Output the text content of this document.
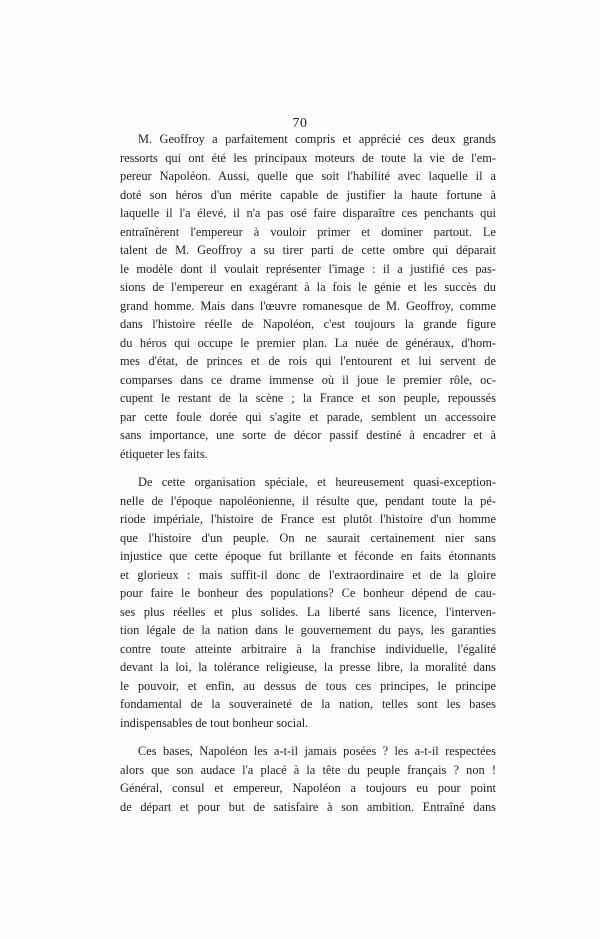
70
M. Geoffroy a parfaitement compris et apprécié ces deux grands
ressorts qui ont été les principaux moteurs de toute la vie de l'em-
pereur Napoléon. Aussi, quelle que soit l'habilité avec laquelle il a
doté son héros d'un mérite capable de justifier la haute fortune à
laquelle il l'a élevé, il n'a pas osé faire disparaître ces penchants qui
entraînèrent l'empereur à vouloir primer et dominer partout. Le
talent de M. Geoffroy a su tirer parti de cette ombre qui déparait
le modèle dont il voulait représenter l'image : il a justifié ces pas-
sions de l'empereur en exagérant à la fois le génie et les succès du
grand homme. Mais dans l'œuvre romanesque de M. Geoffroy, comme
dans l'histoire réelle de Napoléon, c'est toujours la grande figure
du héros qui occupe le premier plan. La nuée de généraux, d'hom-
mes d'état, de princes et de rois qui l'entourent et lui servent de
comparses dans ce drame immense où il joue le premier rôle, oc-
cupent le restant de la scène ; la France et son peuple, repoussés
par cette foule dorée qui s'agite et parade, semblent un accessoire
sans importance, une sorte de décor passif destiné à encadrer et à
étiqueter les faits.
De cette organisation spéciale, et heureusement quasi-exception-
nelle de l'époque napoléonienne, il résulte que, pendant toute la pé-
riode impériale, l'histoire de France est plutôt l'histoire d'un homme
que l'histoire d'un peuple. On ne saurait certainement nier sans
injustice que cette époque fut brillante et féconde en faits étonnants
et glorieux : mais suffit-il donc de l'extraordinaire et de la gloire
pour faire le bonheur des populations? Ce bonheur dépend de cau-
ses plus réelles et plus solides. La liberté sans licence, l'interven-
tion légale de la nation dans le gouvernement du pays, les garanties
contre toute atteinte arbitraire à la franchise individuelle, l'égalité
devant la loi, la tolérance religieuse, la presse libre, la moralité dans
le pouvoir, et enfin, au dessus de tous ces principes, le principe
fondamental de la souveraineté de la nation, telles sont les bases
indispensables de tout bonheur social.
Ces bases, Napoléon les a-t-il jamais posées ? les a-t-il respectées
alors que son audace l'a placé à la tête du peuple français ? non !
Général, consul et empereur, Napoléon a toujours eu pour point
de départ et pour but de satisfaire à son ambition. Entraîné dans
